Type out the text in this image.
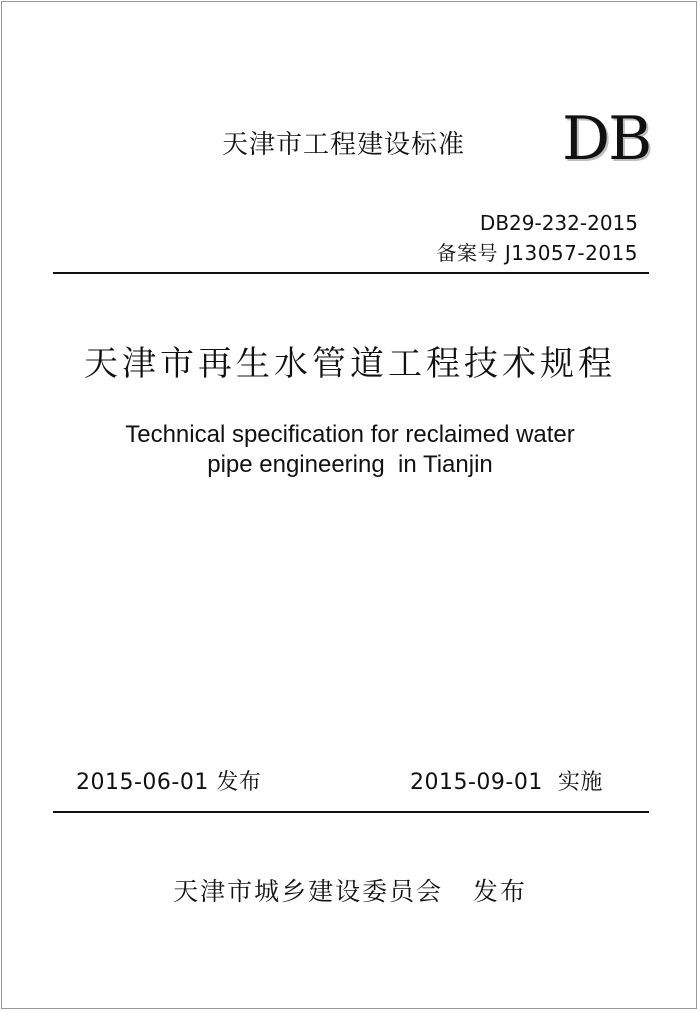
天津市工程建设标准 DB
DB29-232-2015
备案号 J13057-2015
天津市再生水管道工程技术规程
Technical specification for reclaimed water
pipe engineering  in Tianjin
2015-06-01 发布	2015-09-01  实施
天津市城乡建设委员会   发布
